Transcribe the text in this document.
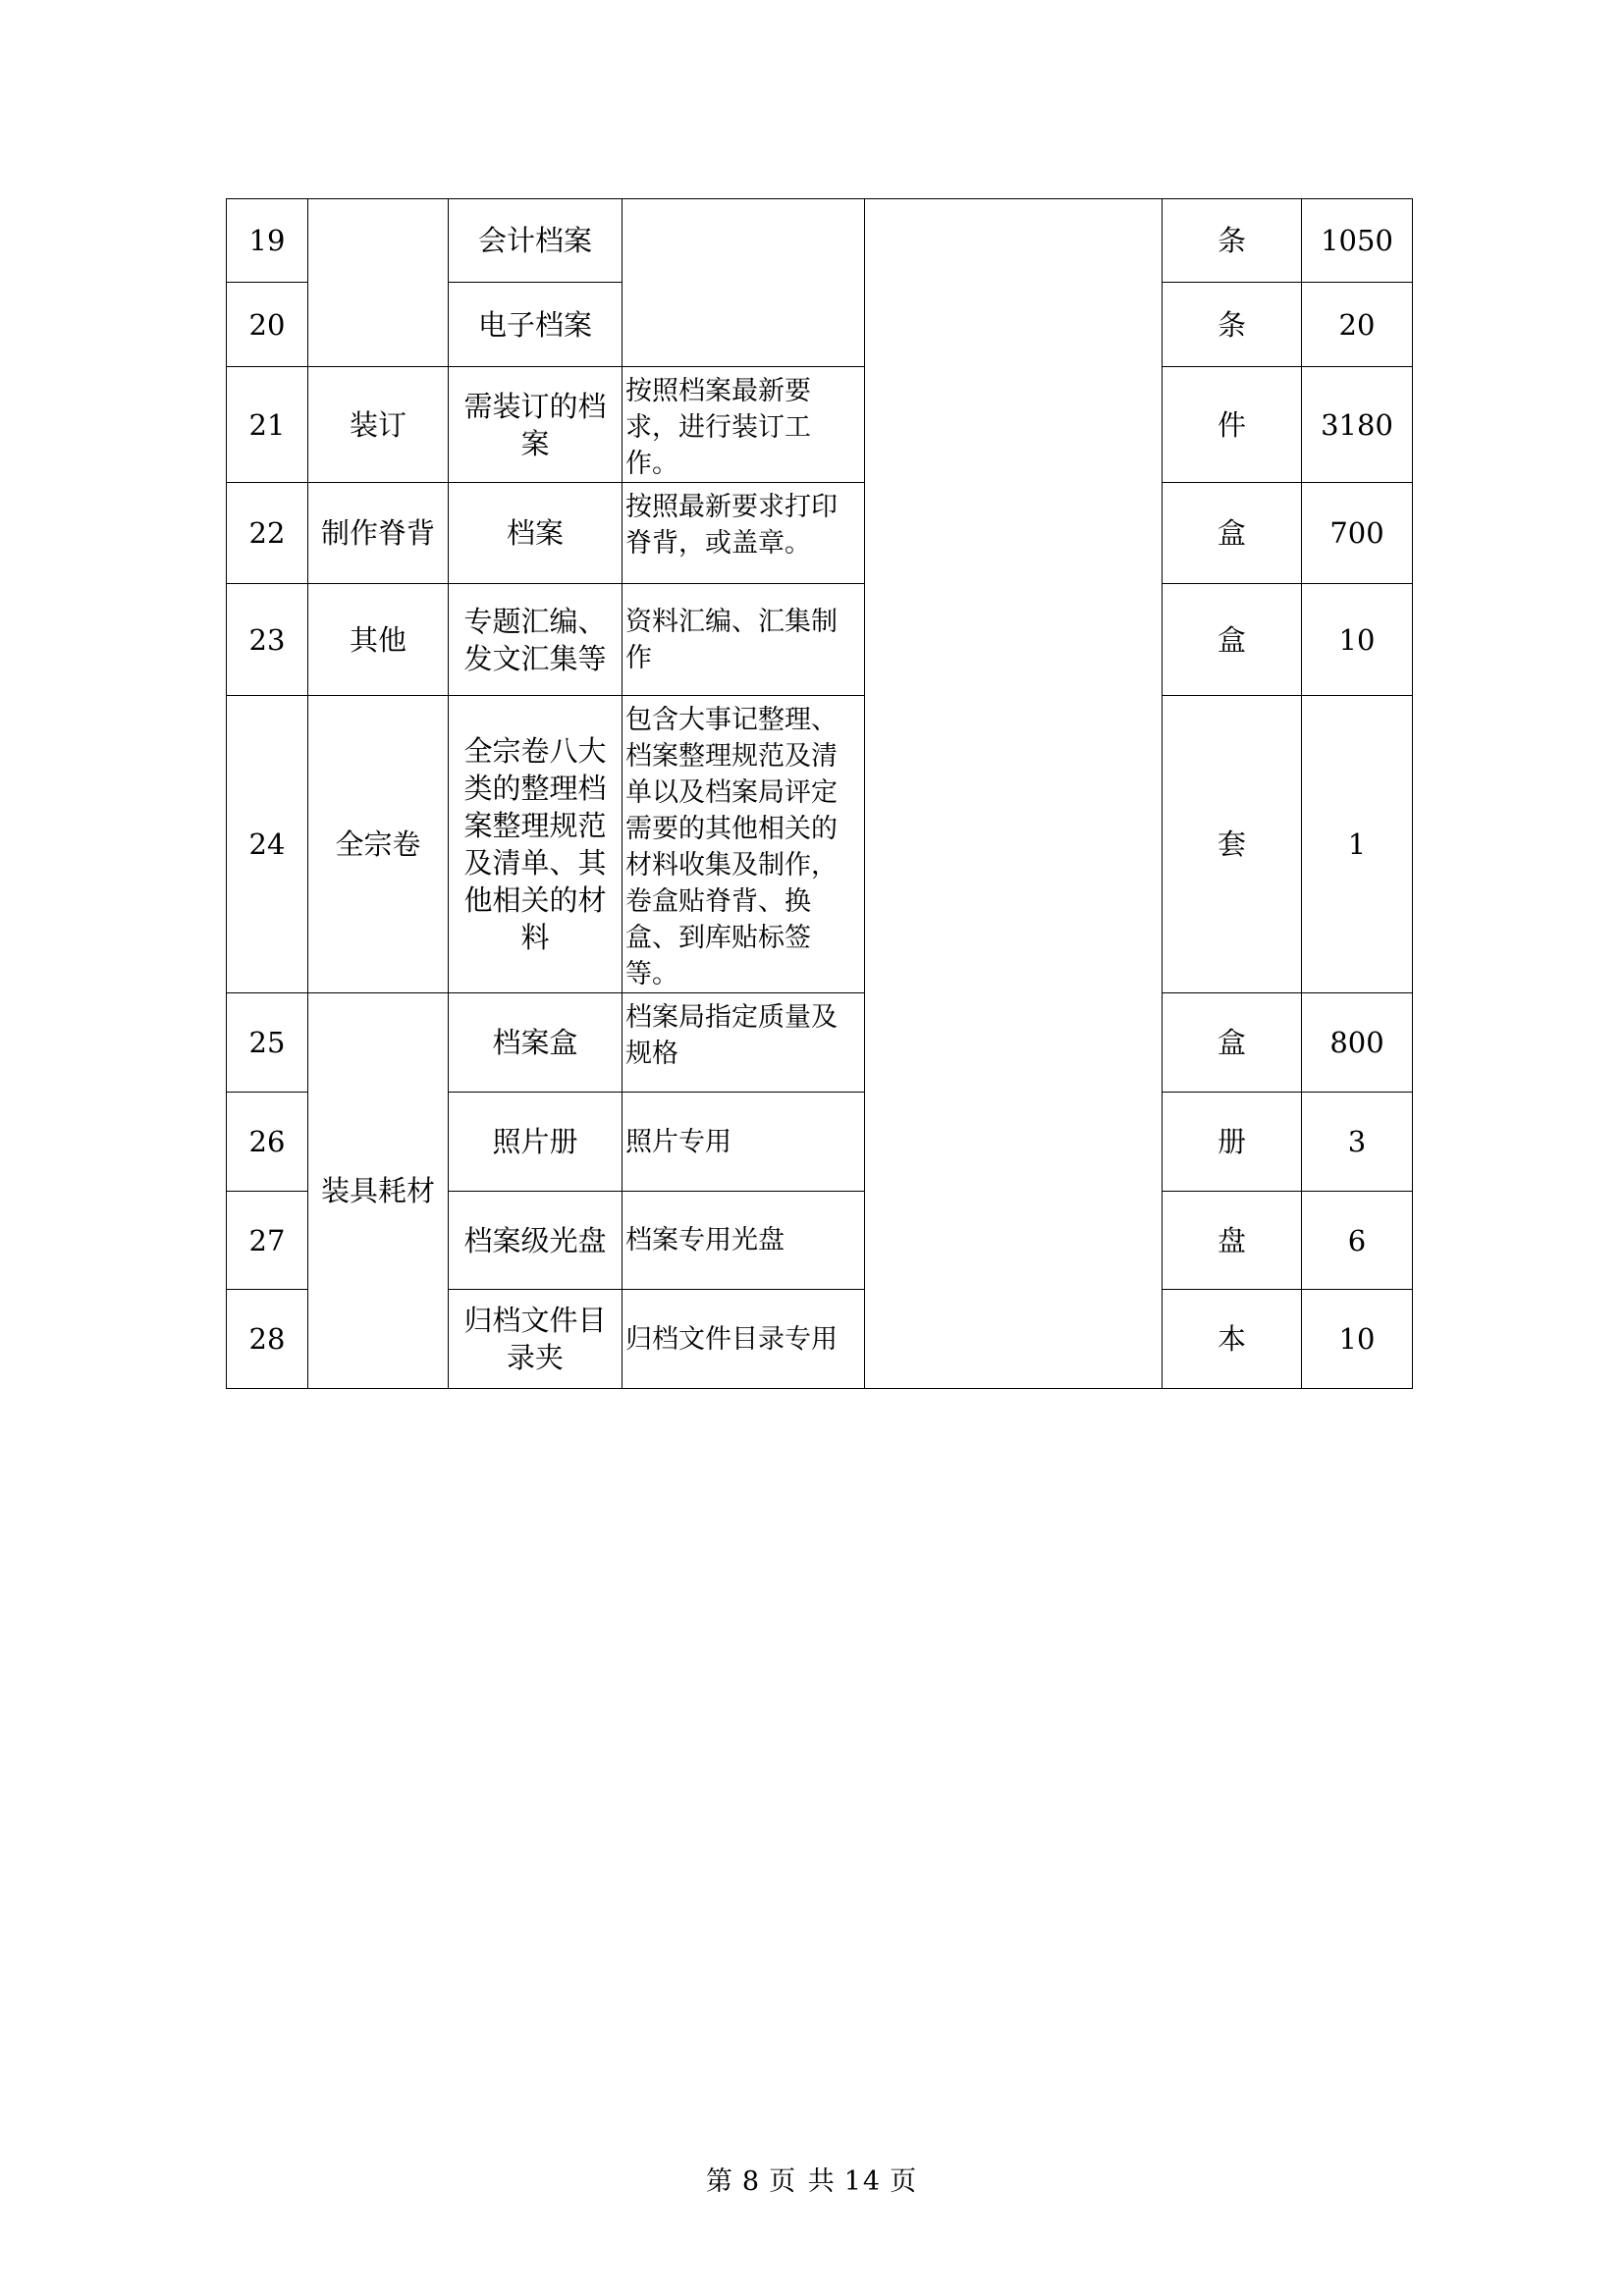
19		会计档案			条	1050
20		电子档案			条	20
21	装订	需装订的档案	按照档案最新要求，进行装订工作。		件	3180
22	制作脊背	档案	按照最新要求打印脊背，或盖章。		盒	700
23	其他	专题汇编、发文汇集等	资料汇编、汇集制作		盒	10
24	全宗卷	全宗卷八大类的整理档案整理规范及清单、其他相关的材料	包含大事记整理、档案整理规范及清单以及档案局评定需要的其他相关的材料收集及制作，卷盒贴脊背、换盒、到库贴标签等。		套	1
25	装具耗材	档案盒	档案局指定质量及规格		盒	800
26		照片册	照片专用		册	3
27		档案级光盘	档案专用光盘		盘	6
28		归档文件目录夹	归档文件目录专用		本	10
第 8 页 共 14 页
